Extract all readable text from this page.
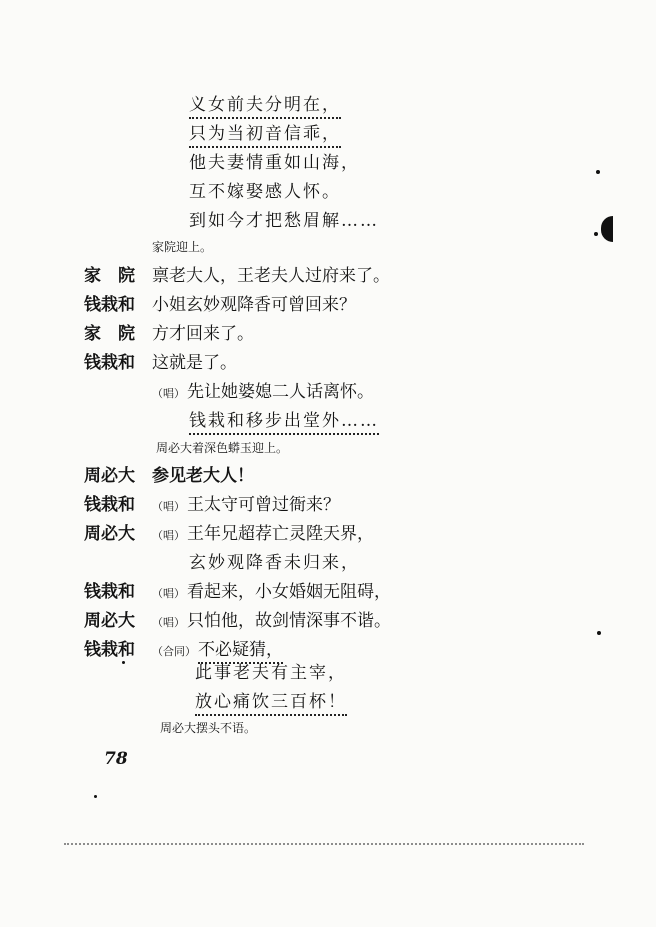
义女前夫分明在，
只为当初音信乖，
他夫妻情重如山海，
互不嫁娶感人怀。
到如今才把愁眉解……
家院迎上。
家　院 禀老大人，王老夫人过府来了。
钱栽和 小姐玄妙观降香可曾回来？
家　院 方才回来了。
钱栽和 这就是了。
（唱） 先让她婆媳二人话离怀。
钱栽和移步出堂外……
周必大着深色蟒玉迎上。
周必大 参见老大人！
钱栽和 （唱） 王太守可曾过衙来？
周必大 （唱） 王年兄超荐亡灵陞天界，
玄妙观降香未归来，
钱栽和 （唱） 看起来，小女婚姻无阻碍，
周必大 （唱） 只怕他，故剑情深事不谐。
钱栽和 （合同） 不必疑猜，
此事老夫有主宰，
放心痛饮三百杯！
周必大摆头不语。
78
